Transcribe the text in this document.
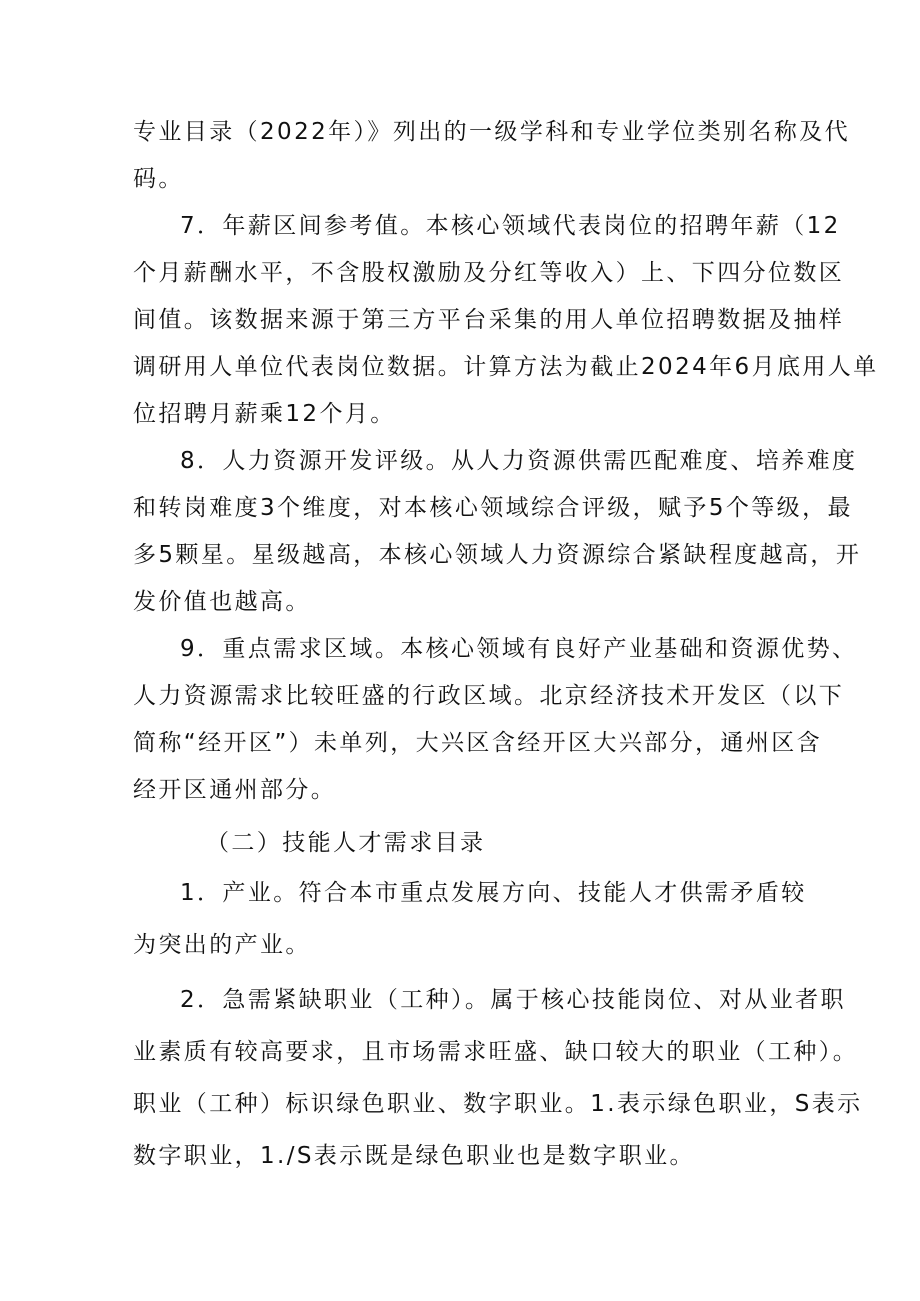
专业目录（2022年）》列出的一级学科和专业学位类别名称及代
码。
7．年薪区间参考值。本核心领域代表岗位的招聘年薪（12
个月薪酬水平，不含股权激励及分红等收入）上、下四分位数区
间值。该数据来源于第三方平台采集的用人单位招聘数据及抽样
调研用人单位代表岗位数据。计算方法为截止2024年6月底用人单
位招聘月薪乘12个月。
8．人力资源开发评级。从人力资源供需匹配难度、培养难度
和转岗难度3个维度，对本核心领域综合评级，赋予5个等级，最
多5颗星。星级越高，本核心领域人力资源综合紧缺程度越高，开
发价值也越高。
9．重点需求区域。本核心领域有良好产业基础和资源优势、
人力资源需求比较旺盛的行政区域。北京经济技术开发区（以下
简称“经开区”）未单列，大兴区含经开区大兴部分，通州区含
经开区通州部分。
（二）技能人才需求目录
1．产业。符合本市重点发展方向、技能人才供需矛盾较
为突出的产业。
2．急需紧缺职业（工种）。属于核心技能岗位、对从业者职
业素质有较高要求，且市场需求旺盛、缺口较大的职业（工种）。
职业（工种）标识绿色职业、数字职业。1.表示绿色职业，S表示
数字职业，1./S表示既是绿色职业也是数字职业。
